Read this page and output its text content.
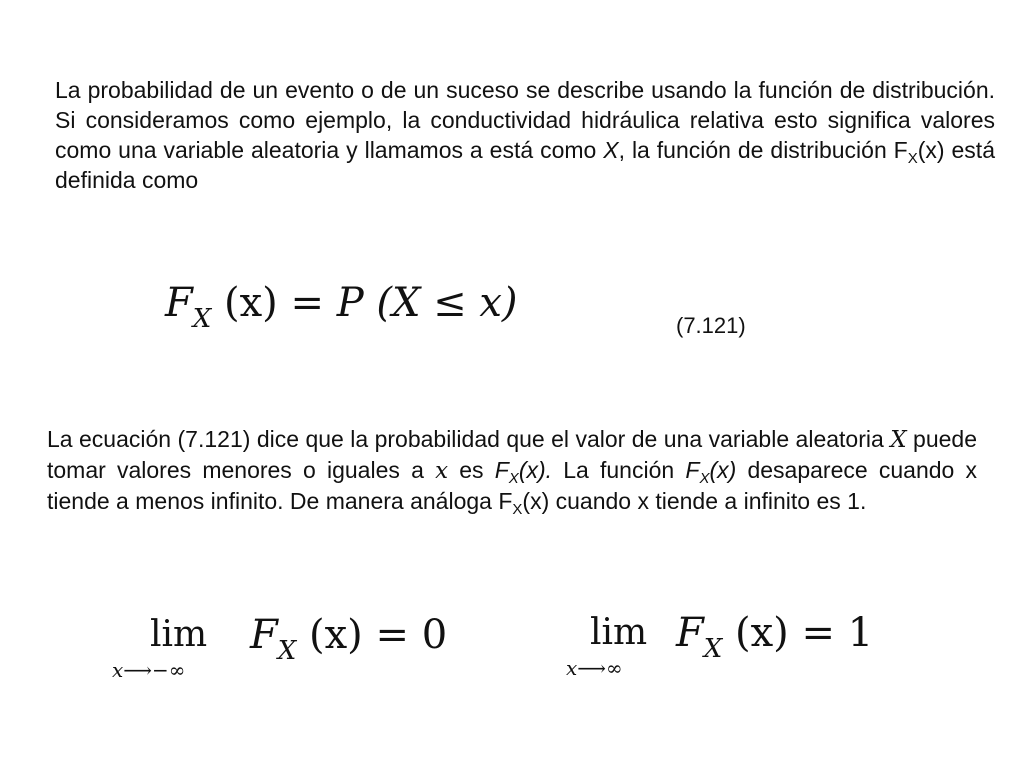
La probabilidad de un evento o de un suceso se describe usando la función de distribución. Si consideramos como ejemplo, la conductividad hidráulica relativa esto significa valores como una variable aleatoria y llamamos a está como X, la función de distribución $F_X(x)$ está definida como

$F_X$ (x) = P (X ≤ x)	(7.121)

La ecuación (7.121) dice que la probabilidad que el valor de una variable aleatoria X puede tomar valores menores o iguales a x es $F_X(x)$. La función $F_X(x)$ desaparece cuando x tiende a menos infinito. De manera análoga $F_X(x)$ cuando x tiende a infinito es 1.

lim
x⟶−∞
$F_X$ (x) = 0	lim
x⟶∞
$F_X$ (x) = 1
